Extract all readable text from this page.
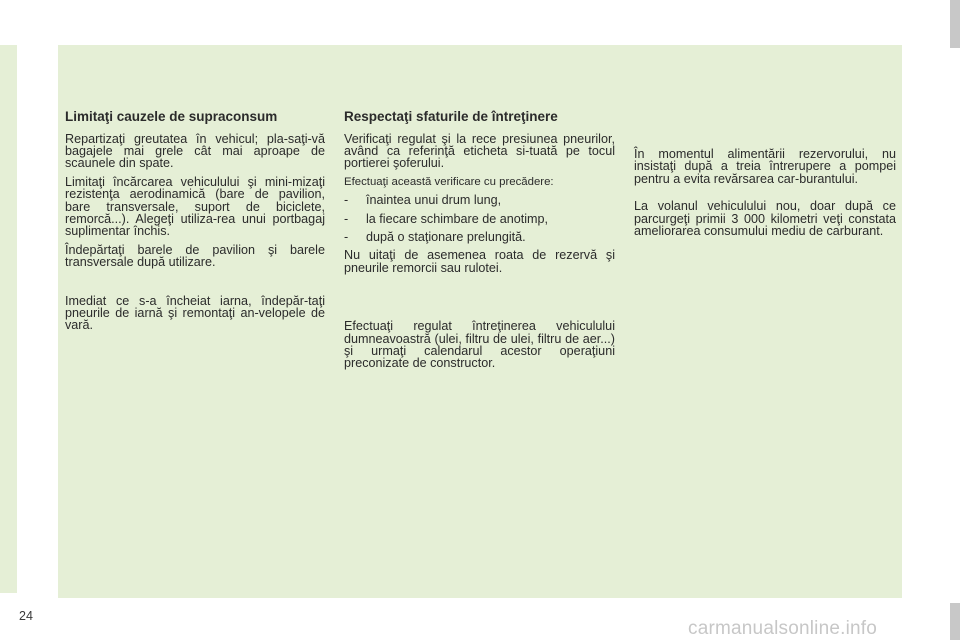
Limitaţi cauzele de supraconsum

Repartizaţi greutatea în vehicul; pla-saţi-vă bagajele mai grele cât mai aproape de scaunele din spate.

Limitaţi încărcarea vehiculului şi mini-mizaţi rezistenţa aerodinamică (bare de pavilion, bare transversale, suport de biciclete, remorcă...). Alegeţi utiliza-rea unui portbagaj suplimentar închis.

Îndepărtaţi barele de pavilion şi barele transversale după utilizare.

Imediat ce s-a încheiat iarna, îndepăr-taţi pneurile de iarnă şi remontaţi an-velopele de vară.

Respectaţi sfaturile de întreţinere

Verificaţi regulat şi la rece presiunea pneurilor, având ca referinţă eticheta si-tuată pe tocul portierei şoferului.

Efectuaţi această verificare cu precădere:

-	înaintea unui drum lung,
-	la fiecare schimbare de anotimp,
-	după o staţionare prelungită.

Nu uitaţi de asemenea roata de rezervă şi pneurile remorcii sau rulotei.

Efectuaţi regulat întreţinerea vehiculului dumneavoastră (ulei, filtru de ulei, filtru de aer...) şi urmaţi calendarul acestor operaţiuni preconizate de constructor.

În momentul alimentării rezervorului, nu insistaţi după a treia întrerupere a pompei pentru a evita revărsarea car-burantului.

La volanul vehiculului nou, doar după ce parcurgeţi primii 3 000 kilometri veţi constata ameliorarea consumului mediu de carburant.

24
carmanualsonline.info
